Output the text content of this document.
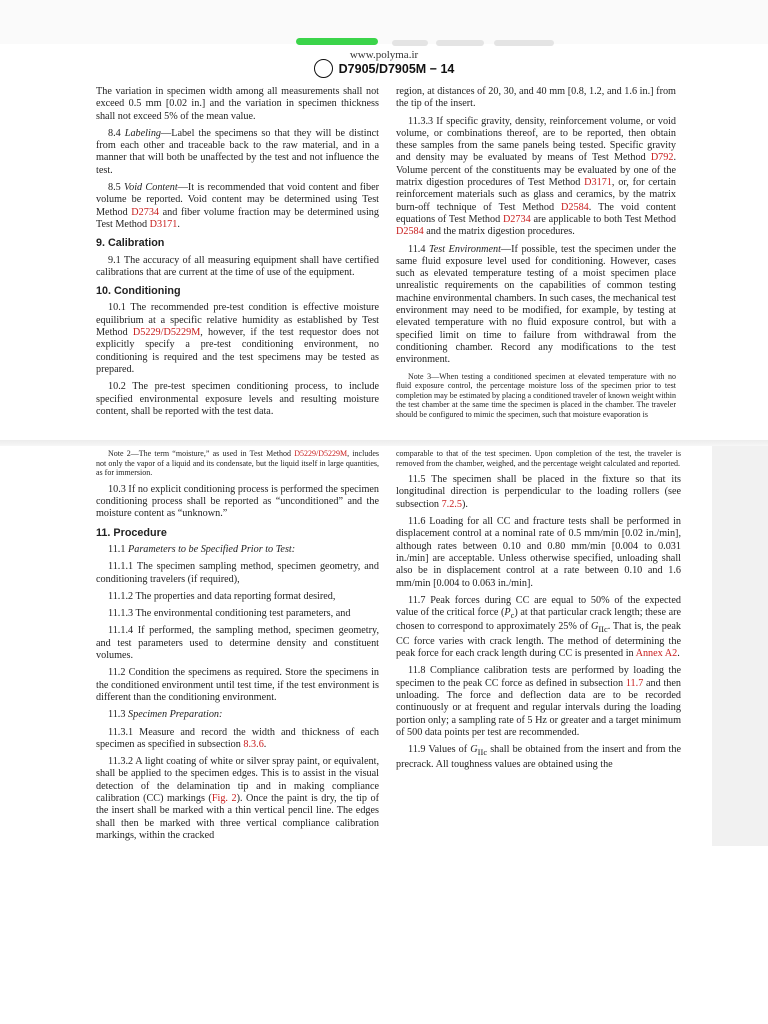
www.polyma.ir
D7905/D7905M − 14

The variation in specimen width among all measurements shall not exceed 0.5 mm [0.02 in.] and the variation in specimen thickness shall not exceed 5% of the mean value.

8.4 Labeling—Label the specimens so that they will be distinct from each other and traceable back to the raw material, and in a manner that will both be unaffected by the test and not influence the test.

8.5 Void Content—It is recommended that void content and fiber volume be reported. Void content may be determined using Test Method D2734 and fiber volume fraction may be determined using Test Method D3171.

9. Calibration

9.1 The accuracy of all measuring equipment shall have certified calibrations that are current at the time of use of the equipment.

10. Conditioning

10.1 The recommended pre-test condition is effective moisture equilibrium at a specific relative humidity as established by Test Method D5229/D5229M, however, if the test requestor does not explicitly specify a pre-test conditioning environment, no conditioning is required and the test specimens may be tested as prepared.

10.2 The pre-test specimen conditioning process, to include specified environmental exposure levels and resulting moisture content, shall be reported with the test data.

region, at distances of 20, 30, and 40 mm [0.8, 1.2, and 1.6 in.] from the tip of the insert.

11.3.3 If specific gravity, density, reinforcement volume, or void volume, or combinations thereof, are to be reported, then obtain these samples from the same panels being tested. Specific gravity and density may be evaluated by means of Test Method D792. Volume percent of the constituents may be evaluated by one of the matrix digestion procedures of Test Method D3171, or, for certain reinforcement materials such as glass and ceramics, by the matrix burn-off technique of Test Method D2584. The void content equations of Test Method D2734 are applicable to both Test Method D2584 and the matrix digestion procedures.

11.4 Test Environment—If possible, test the specimen under the same fluid exposure level used for conditioning. However, cases such as elevated temperature testing of a moist specimen place unrealistic requirements on the capabilities of common testing machine environmental chambers. In such cases, the mechanical test environment may need to be modified, for example, by testing at elevated temperature with no fluid exposure control, but with a specified limit on time to failure from withdrawal from the conditioning chamber. Record any modifications to the test environment.

Note 3—When testing a conditioned specimen at elevated temperature with no fluid exposure control, the percentage moisture loss of the specimen prior to test completion may be estimated by placing a conditioned traveler of known weight within the test chamber at the same time the specimen is placed in the chamber. The traveler should be configured to mimic the specimen, such that moisture evaporation is

Note 2—The term “moisture,” as used in Test Method D5229/D5229M, includes not only the vapor of a liquid and its condensate, but the liquid itself in large quantities, as for immersion.

10.3 If no explicit conditioning process is performed the specimen conditioning process shall be reported as “unconditioned” and the moisture content as “unknown.”

11. Procedure

11.1 Parameters to be Specified Prior to Test:

11.1.1 The specimen sampling method, specimen geometry, and conditioning travelers (if required),

11.1.2 The properties and data reporting format desired,

11.1.3 The environmental conditioning test parameters, and

11.1.4 If performed, the sampling method, specimen geometry, and test parameters used to determine density and constituent volumes.

11.2 Condition the specimens as required. Store the specimens in the conditioned environment until test time, if the test environment is different than the conditioning environment.

11.3 Specimen Preparation:

11.3.1 Measure and record the width and thickness of each specimen as specified in subsection 8.3.6.

11.3.2 A light coating of white or silver spray paint, or equivalent, shall be applied to the specimen edges. This is to assist in the visual detection of the delamination tip and in making compliance calibration (CC) markings (Fig. 2). Once the paint is dry, the tip of the insert shall be marked with a thin vertical pencil line. The edges shall then be marked with three vertical compliance calibration markings, within the cracked

comparable to that of the test specimen. Upon completion of the test, the traveler is removed from the chamber, weighed, and the percentage weight calculated and reported.

11.5 The specimen shall be placed in the fixture so that its longitudinal direction is perpendicular to the loading rollers (see subsection 7.2.5).

11.6 Loading for all CC and fracture tests shall be performed in displacement control at a nominal rate of 0.5 mm/min [0.02 in./min], although rates between 0.10 and 0.80 mm/min [0.004 to 0.031 in./min] are acceptable. Unless otherwise specified, unloading shall also be in displacement control at a rate between 0.10 and 1.6 mm/min [0.004 to 0.063 in./min].

11.7 Peak forces during CC are equal to 50% of the expected value of the critical force $(P_c)$ at that particular crack length; these are chosen to correspond to approximately 25% of $G_{IIc}$. That is, the peak CC force varies with crack length. The method of determining the peak force for each crack length during CC is presented in Annex A2.

11.8 Compliance calibration tests are performed by loading the specimen to the peak CC force as defined in subsection 11.7 and then unloading. The force and deflection data are to be recorded continuously or at frequent and regular intervals during the loading portion only; a sampling rate of 5 Hz or greater and a target minimum of 500 data points per test are recommended.

11.9 Values of $G_{IIc}$ shall be obtained from the insert and from the precrack. All toughness values are obtained using the
